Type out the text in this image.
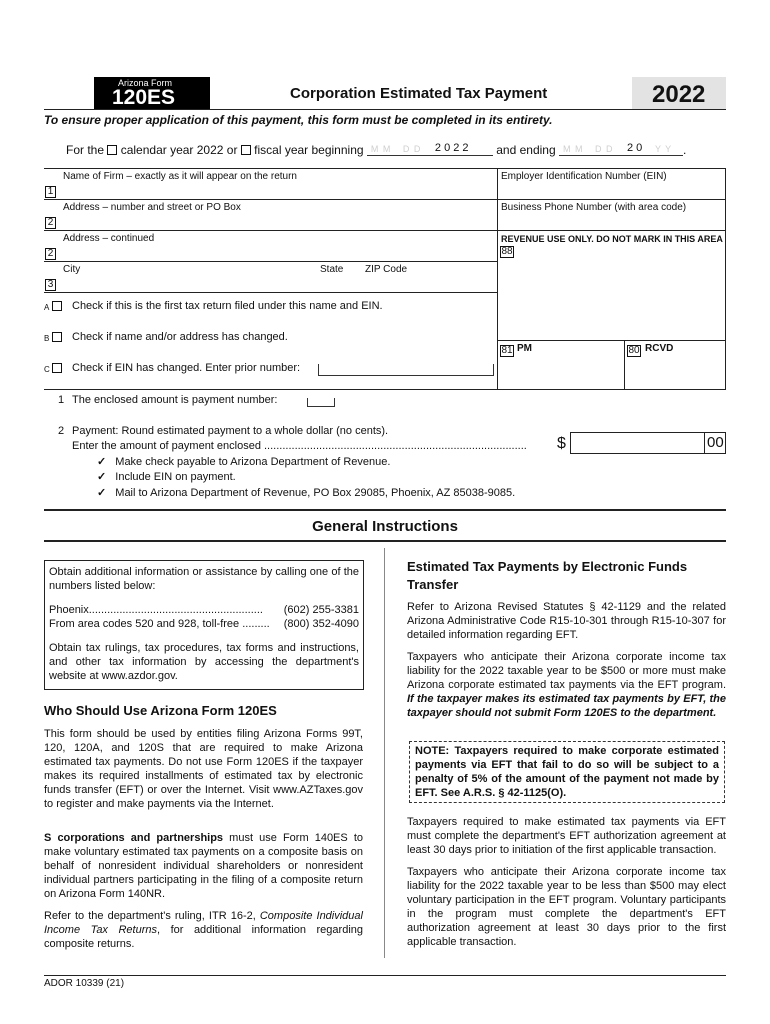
Arizona Form
120ES	Corporation Estimated Tax Payment	2022
To ensure proper application of this payment, this form must be completed in its entirety.
For the calendar year 2022 or fiscal year beginning M M D D 2 0 2 2 and ending M M D D 2 0 Y Y .
Name of Firm – exactly as it will appear on the return
1
Employer Identification Number (EIN)
Address – number and street or PO Box
2
Business Phone Number (with area code)
Address – continued
2
REVENUE USE ONLY. DO NOT MARK IN THIS AREA
88
City	State ZIP Code
3
81 PM	80 RCVD
A Check if this is the first tax return filed under this name and EIN.
B Check if name and/or address has changed.
C Check if EIN has changed. Enter prior number:
1 The enclosed amount is payment number:
2 Payment: Round estimated payment to a whole dollar (no cents).
Enter the amount of payment enclosed ......................................................................................	$	00
✓ Make check payable to Arizona Department of Revenue.
✓ Include EIN on payment.
✓ Mail to Arizona Department of Revenue, PO Box 29085, Phoenix, AZ 85038-9085.
General Instructions
Obtain additional information or assistance by calling one of the numbers listed below:
Phoenix......................................................... (602) 255-3381
From area codes 520 and 928, toll-free ......... (800) 352-4090
Obtain tax rulings, tax procedures, tax forms and instructions, and other tax information by accessing the department's website at www.azdor.gov.
Who Should Use Arizona Form 120ES
This form should be used by entities filing Arizona Forms 99T, 120, 120A, and 120S that are required to make Arizona estimated tax payments. Do not use Form 120ES if the taxpayer makes its required installments of estimated tax by electronic funds transfer (EFT) or over the Internet. Visit www.AZTaxes.gov to register and make payments via the Internet.
S corporations and partnerships must use Form 140ES to make voluntary estimated tax payments on a composite basis on behalf of nonresident individual shareholders or nonresident individual partners participating in the filing of a composite return on Arizona Form 140NR.
Refer to the department's ruling, ITR 16-2, Composite Individual Income Tax Returns, for additional information regarding composite returns.
Estimated Tax Payments by Electronic Funds Transfer
Refer to Arizona Revised Statutes § 42-1129 and the related Arizona Administrative Code R15-10-301 through R15-10-307 for detailed information regarding EFT.
Taxpayers who anticipate their Arizona corporate income tax liability for the 2022 taxable year to be $500 or more must make Arizona corporate estimated tax payments via the EFT program. If the taxpayer makes its estimated tax payments by EFT, the taxpayer should not submit Form 120ES to the department.
NOTE: Taxpayers required to make corporate estimated payments via EFT that fail to do so will be subject to a penalty of 5% of the amount of the payment not made by EFT. See A.R.S. § 42-1125(O).
Taxpayers required to make estimated tax payments via EFT must complete the department's EFT authorization agreement at least 30 days prior to initiation of the first applicable transaction.
Taxpayers who anticipate their Arizona corporate income tax liability for the 2022 taxable year to be less than $500 may elect voluntary participation in the EFT program. Voluntary participants in the program must complete the department's EFT authorization agreement at least 30 days prior to the first applicable transaction.
ADOR 10339 (21)
